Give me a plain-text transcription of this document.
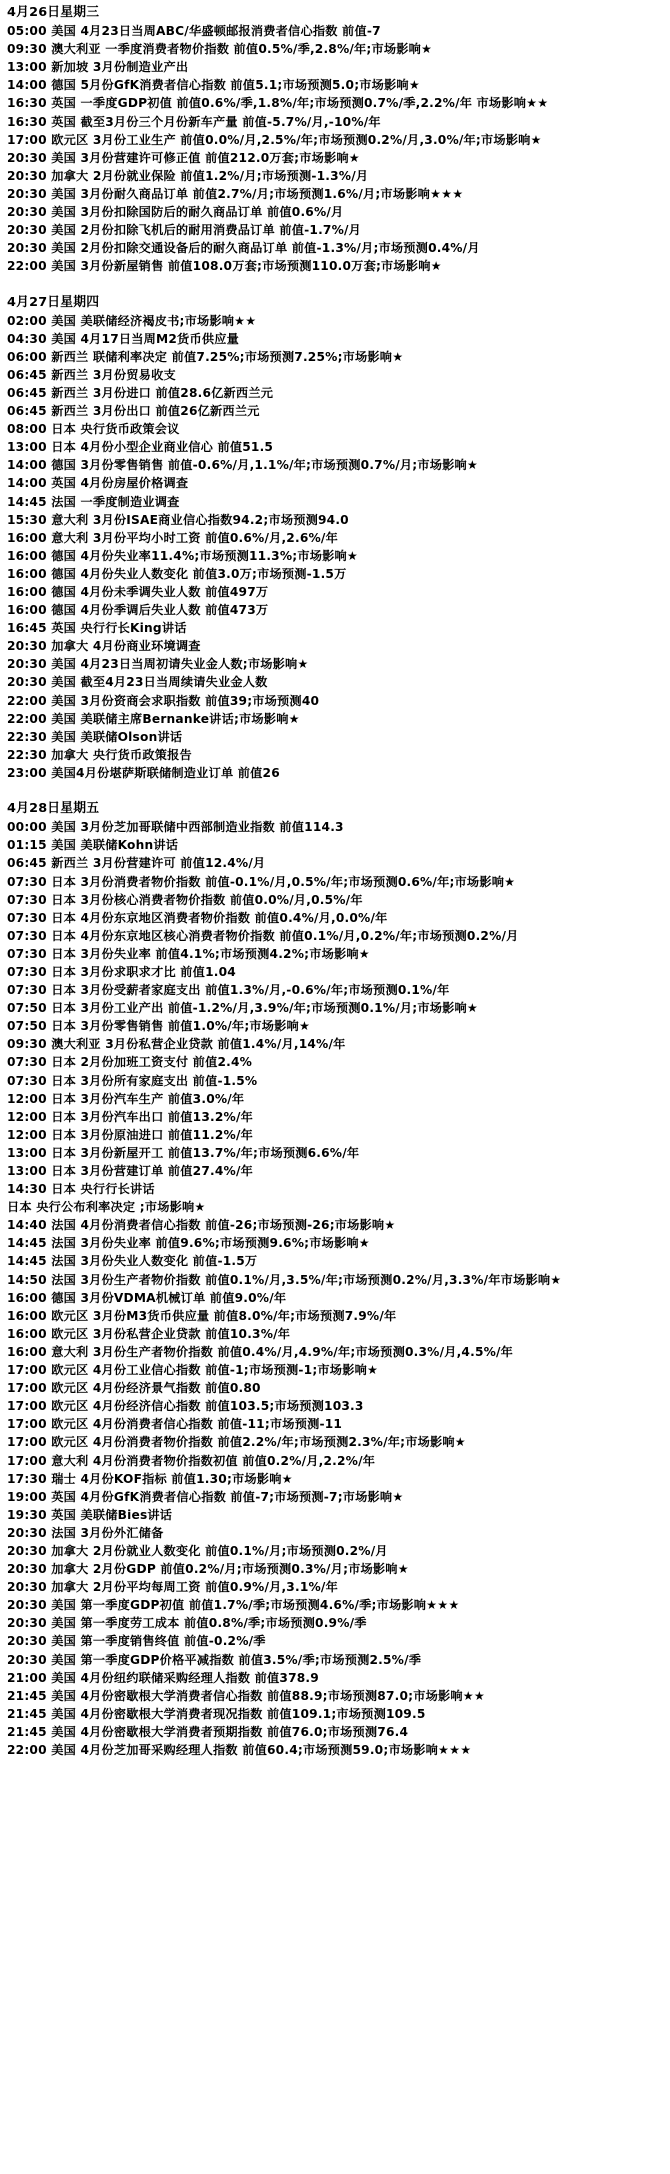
4月26日星期三
05:00 美国 4月23日当周ABC/华盛顿邮报消费者信心指数 前值-7
09:30 澳大利亚 一季度消费者物价指数 前值0.5%/季,2.8%/年;市场影响★
13:00 新加坡 3月份制造业产出
14:00 德国 5月份GfK消费者信心指数 前值5.1;市场预测5.0;市场影响★
16:30 英国 一季度GDP初值 前值0.6%/季,1.8%/年;市场预测0.7%/季,2.2%/年 市场影响★★
16:30 英国 截至3月份三个月份新车产量 前值-5.7%/月,-10%/年
17:00 欧元区 3月份工业生产 前值0.0%/月,2.5%/年;市场预测0.2%/月,3.0%/年;市场影响★
20:30 美国 3月份营建许可修正值 前值212.0万套;市场影响★
20:30 加拿大 2月份就业保险 前值1.2%/月;市场预测-1.3%/月
20:30 美国 3月份耐久商品订单 前值2.7%/月;市场预测1.6%/月;市场影响★★★
20:30 美国 3月份扣除国防后的耐久商品订单 前值0.6%/月
20:30 美国 2月份扣除飞机后的耐用消费品订单 前值-1.7%/月
20:30 美国 2月份扣除交通设备后的耐久商品订单 前值-1.3%/月;市场预测0.4%/月
22:00 美国 3月份新屋销售 前值108.0万套;市场预测110.0万套;市场影响★
4月27日星期四
02:00 美国 美联储经济褐皮书;市场影响★★
04:30 美国 4月17日当周M2货币供应量
06:00 新西兰 联储利率决定 前值7.25%;市场预测7.25%;市场影响★
06:45 新西兰 3月份贸易收支
06:45 新西兰 3月份进口 前值28.6亿新西兰元
06:45 新西兰 3月份出口 前值26亿新西兰元
08:00 日本 央行货币政策会议
13:00 日本 4月份小型企业商业信心 前值51.5
14:00 德国 3月份零售销售 前值-0.6%/月,1.1%/年;市场预测0.7%/月;市场影响★
14:00 英国 4月份房屋价格调查
14:45 法国 一季度制造业调查
15:30 意大利 3月份ISAE商业信心指数94.2;市场预测94.0
16:00 意大利 3月份平均小时工资 前值0.6%/月,2.6%/年
16:00 德国 4月份失业率11.4%;市场预测11.3%;市场影响★
16:00 德国 4月份失业人数变化 前值3.0万;市场预测-1.5万
16:00 德国 4月份未季调失业人数 前值497万
16:00 德国 4月份季调后失业人数 前值473万
16:45 英国 央行行长King讲话
20:30 加拿大 4月份商业环境调查
20:30 美国 4月23日当周初请失业金人数;市场影响★
20:30 美国 截至4月23日当周续请失业金人数
22:00 美国 3月份资商会求职指数 前值39;市场预测40
22:00 美国 美联储主席Bernanke讲话;市场影响★
22:30 美国 美联储Olson讲话
22:30 加拿大 央行货币政策报告
23:00 美国4月份堪萨斯联储制造业订单 前值26
4月28日星期五
00:00 美国 3月份芝加哥联储中西部制造业指数 前值114.3
01:15 美国 美联储Kohn讲话
06:45 新西兰 3月份营建许可 前值12.4%/月
07:30 日本 3月份消费者物价指数 前值-0.1%/月,0.5%/年;市场预测0.6%/年;市场影响★
07:30 日本 3月份核心消费者物价指数 前值0.0%/月,0.5%/年
07:30 日本 4月份东京地区消费者物价指数 前值0.4%/月,0.0%/年
07:30 日本 4月份东京地区核心消费者物价指数 前值0.1%/月,0.2%/年;市场预测0.2%/月
07:30 日本 3月份失业率 前值4.1%;市场预测4.2%;市场影响★
07:30 日本 3月份求职求才比 前值1.04
07:30 日本 3月份受薪者家庭支出 前值1.3%/月,-0.6%/年;市场预测0.1%/年
07:50 日本 3月份工业产出 前值-1.2%/月,3.9%/年;市场预测0.1%/月;市场影响★
07:50 日本 3月份零售销售 前值1.0%/年;市场影响★
09:30 澳大利亚 3月份私营企业贷款 前值1.4%/月,14%/年
07:30 日本 2月份加班工资支付 前值2.4%
07:30 日本 3月份所有家庭支出 前值-1.5%
12:00 日本 3月份汽车生产 前值3.0%/年
12:00 日本 3月份汽车出口 前值13.2%/年
12:00 日本 3月份原油进口 前值11.2%/年
13:00 日本 3月份新屋开工 前值13.7%/年;市场预测6.6%/年
13:00 日本 3月份营建订单 前值27.4%/年
14:30 日本 央行行长讲话
日本 央行公布利率决定 ;市场影响★
14:40 法国 4月份消费者信心指数 前值-26;市场预测-26;市场影响★
14:45 法国 3月份失业率 前值9.6%;市场预测9.6%;市场影响★
14:45 法国 3月份失业人数变化 前值-1.5万
14:50 法国 3月份生产者物价指数 前值0.1%/月,3.5%/年;市场预测0.2%/月,3.3%/年市场影响★
16:00 德国 3月份VDMA机械订单 前值9.0%/年
16:00 欧元区 3月份M3货币供应量 前值8.0%/年;市场预测7.9%/年
16:00 欧元区 3月份私营企业贷款 前值10.3%/年
16:00 意大利 3月份生产者物价指数 前值0.4%/月,4.9%/年;市场预测0.3%/月,4.5%/年
17:00 欧元区 4月份工业信心指数 前值-1;市场预测-1;市场影响★
17:00 欧元区 4月份经济景气指数 前值0.80
17:00 欧元区 4月份经济信心指数 前值103.5;市场预测103.3
17:00 欧元区 4月份消费者信心指数 前值-11;市场预测-11
17:00 欧元区 4月份消费者物价指数 前值2.2%/年;市场预测2.3%/年;市场影响★
17:00 意大利 4月份消费者物价指数初值 前值0.2%/月,2.2%/年
17:30 瑞士 4月份KOF指标 前值1.30;市场影响★
19:00 英国 4月份GfK消费者信心指数 前值-7;市场预测-7;市场影响★
19:30 英国 美联储Bies讲话
20:30 法国 3月份外汇储备
20:30 加拿大 2月份就业人数变化 前值0.1%/月;市场预测0.2%/月
20:30 加拿大 2月份GDP 前值0.2%/月;市场预测0.3%/月;市场影响★
20:30 加拿大 2月份平均每周工资 前值0.9%/月,3.1%/年
20:30 美国 第一季度GDP初值 前值1.7%/季;市场预测4.6%/季;市场影响★★★
20:30 美国 第一季度劳工成本 前值0.8%/季;市场预测0.9%/季
20:30 美国 第一季度销售终值 前值-0.2%/季
20:30 美国 第一季度GDP价格平减指数 前值3.5%/季;市场预测2.5%/季
21:00 美国 4月份纽约联储采购经理人指数 前值378.9
21:45 美国 4月份密歇根大学消费者信心指数 前值88.9;市场预测87.0;市场影响★★
21:45 美国 4月份密歇根大学消费者现况指数 前值109.1;市场预测109.5
21:45 美国 4月份密歇根大学消费者预期指数 前值76.0;市场预测76.4
22:00 美国 4月份芝加哥采购经理人指数 前值60.4;市场预测59.0;市场影响★★★
